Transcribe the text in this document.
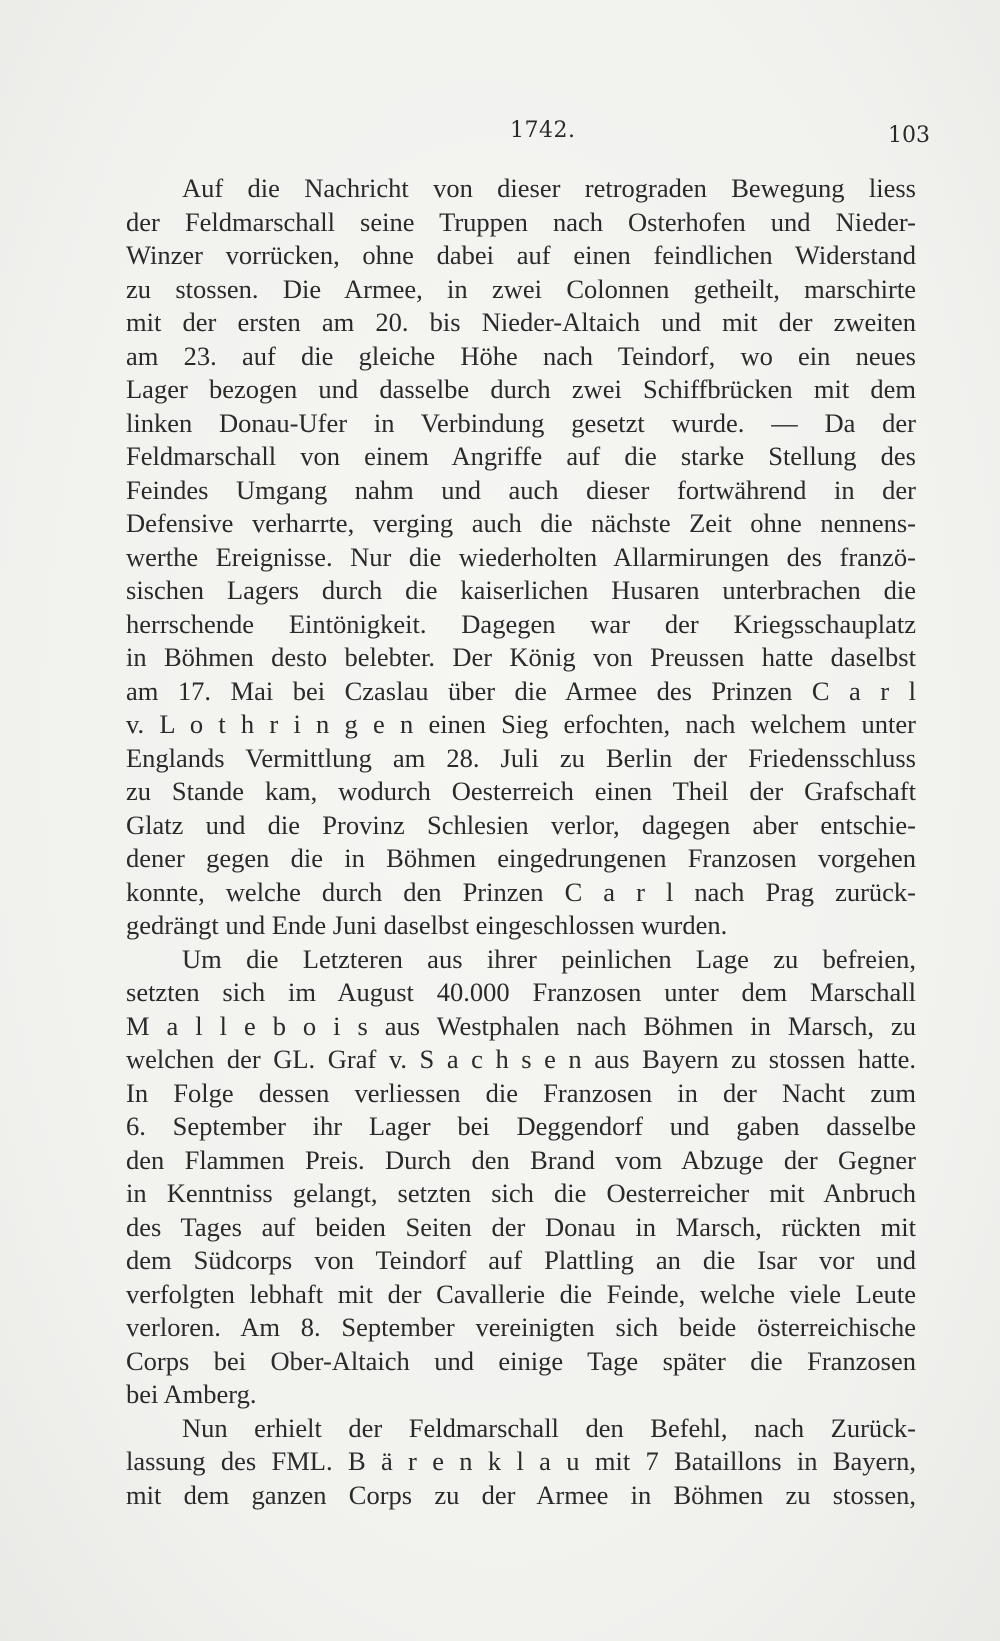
1742.	103

Auf die Nachricht von dieser retrograden Bewegung liess
der Feldmarschall seine Truppen nach Osterhofen und Nieder-
Winzer vorrücken, ohne dabei auf einen feindlichen Widerstand
zu stossen. Die Armee, in zwei Colonnen getheilt, marschirte
mit der ersten am 20. bis Nieder-Altaich und mit der zweiten
am 23. auf die gleiche Höhe nach Teindorf, wo ein neues
Lager bezogen und dasselbe durch zwei Schiffbrücken mit dem
linken Donau-Ufer in Verbindung gesetzt wurde. — Da der
Feldmarschall von einem Angriffe auf die starke Stellung des
Feindes Umgang nahm und auch dieser fortwährend in der
Defensive verharrte, verging auch die nächste Zeit ohne nennens-
werthe Ereignisse. Nur die wiederholten Allarmirungen des franzö-
sischen Lagers durch die kaiserlichen Husaren unterbrachen die
herrschende Eintönigkeit. Dagegen war der Kriegsschauplatz
in Böhmen desto belebter. Der König von Preussen hatte daselbst
am 17. Mai bei Czaslau über die Armee des Prinzen C a r l
v. L o t h r i n g e n einen Sieg erfochten, nach welchem unter
Englands Vermittlung am 28. Juli zu Berlin der Friedensschluss
zu Stande kam, wodurch Oesterreich einen Theil der Grafschaft
Glatz und die Provinz Schlesien verlor, dagegen aber entschie-
dener gegen die in Böhmen eingedrungenen Franzosen vorgehen
konnte, welche durch den Prinzen C a r l nach Prag zurück-
gedrängt und Ende Juni daselbst eingeschlossen wurden.

Um die Letzteren aus ihrer peinlichen Lage zu befreien,
setzten sich im August 40.000 Franzosen unter dem Marschall
M a l l e b o i s aus Westphalen nach Böhmen in Marsch, zu
welchen der GL. Graf v. S a c h s e n aus Bayern zu stossen hatte.
In Folge dessen verliessen die Franzosen in der Nacht zum
6. September ihr Lager bei Deggendorf und gaben dasselbe
den Flammen Preis. Durch den Brand vom Abzuge der Gegner
in Kenntniss gelangt, setzten sich die Oesterreicher mit Anbruch
des Tages auf beiden Seiten der Donau in Marsch, rückten mit
dem Südcorps von Teindorf auf Plattling an die Isar vor und
verfolgten lebhaft mit der Cavallerie die Feinde, welche viele Leute
verloren. Am 8. September vereinigten sich beide österreichische
Corps bei Ober-Altaich und einige Tage später die Franzosen
bei Amberg.

Nun erhielt der Feldmarschall den Befehl, nach Zurück-
lassung des FML. B ä r e n k l a u mit 7 Bataillons in Bayern,
mit dem ganzen Corps zu der Armee in Böhmen zu stossen,
